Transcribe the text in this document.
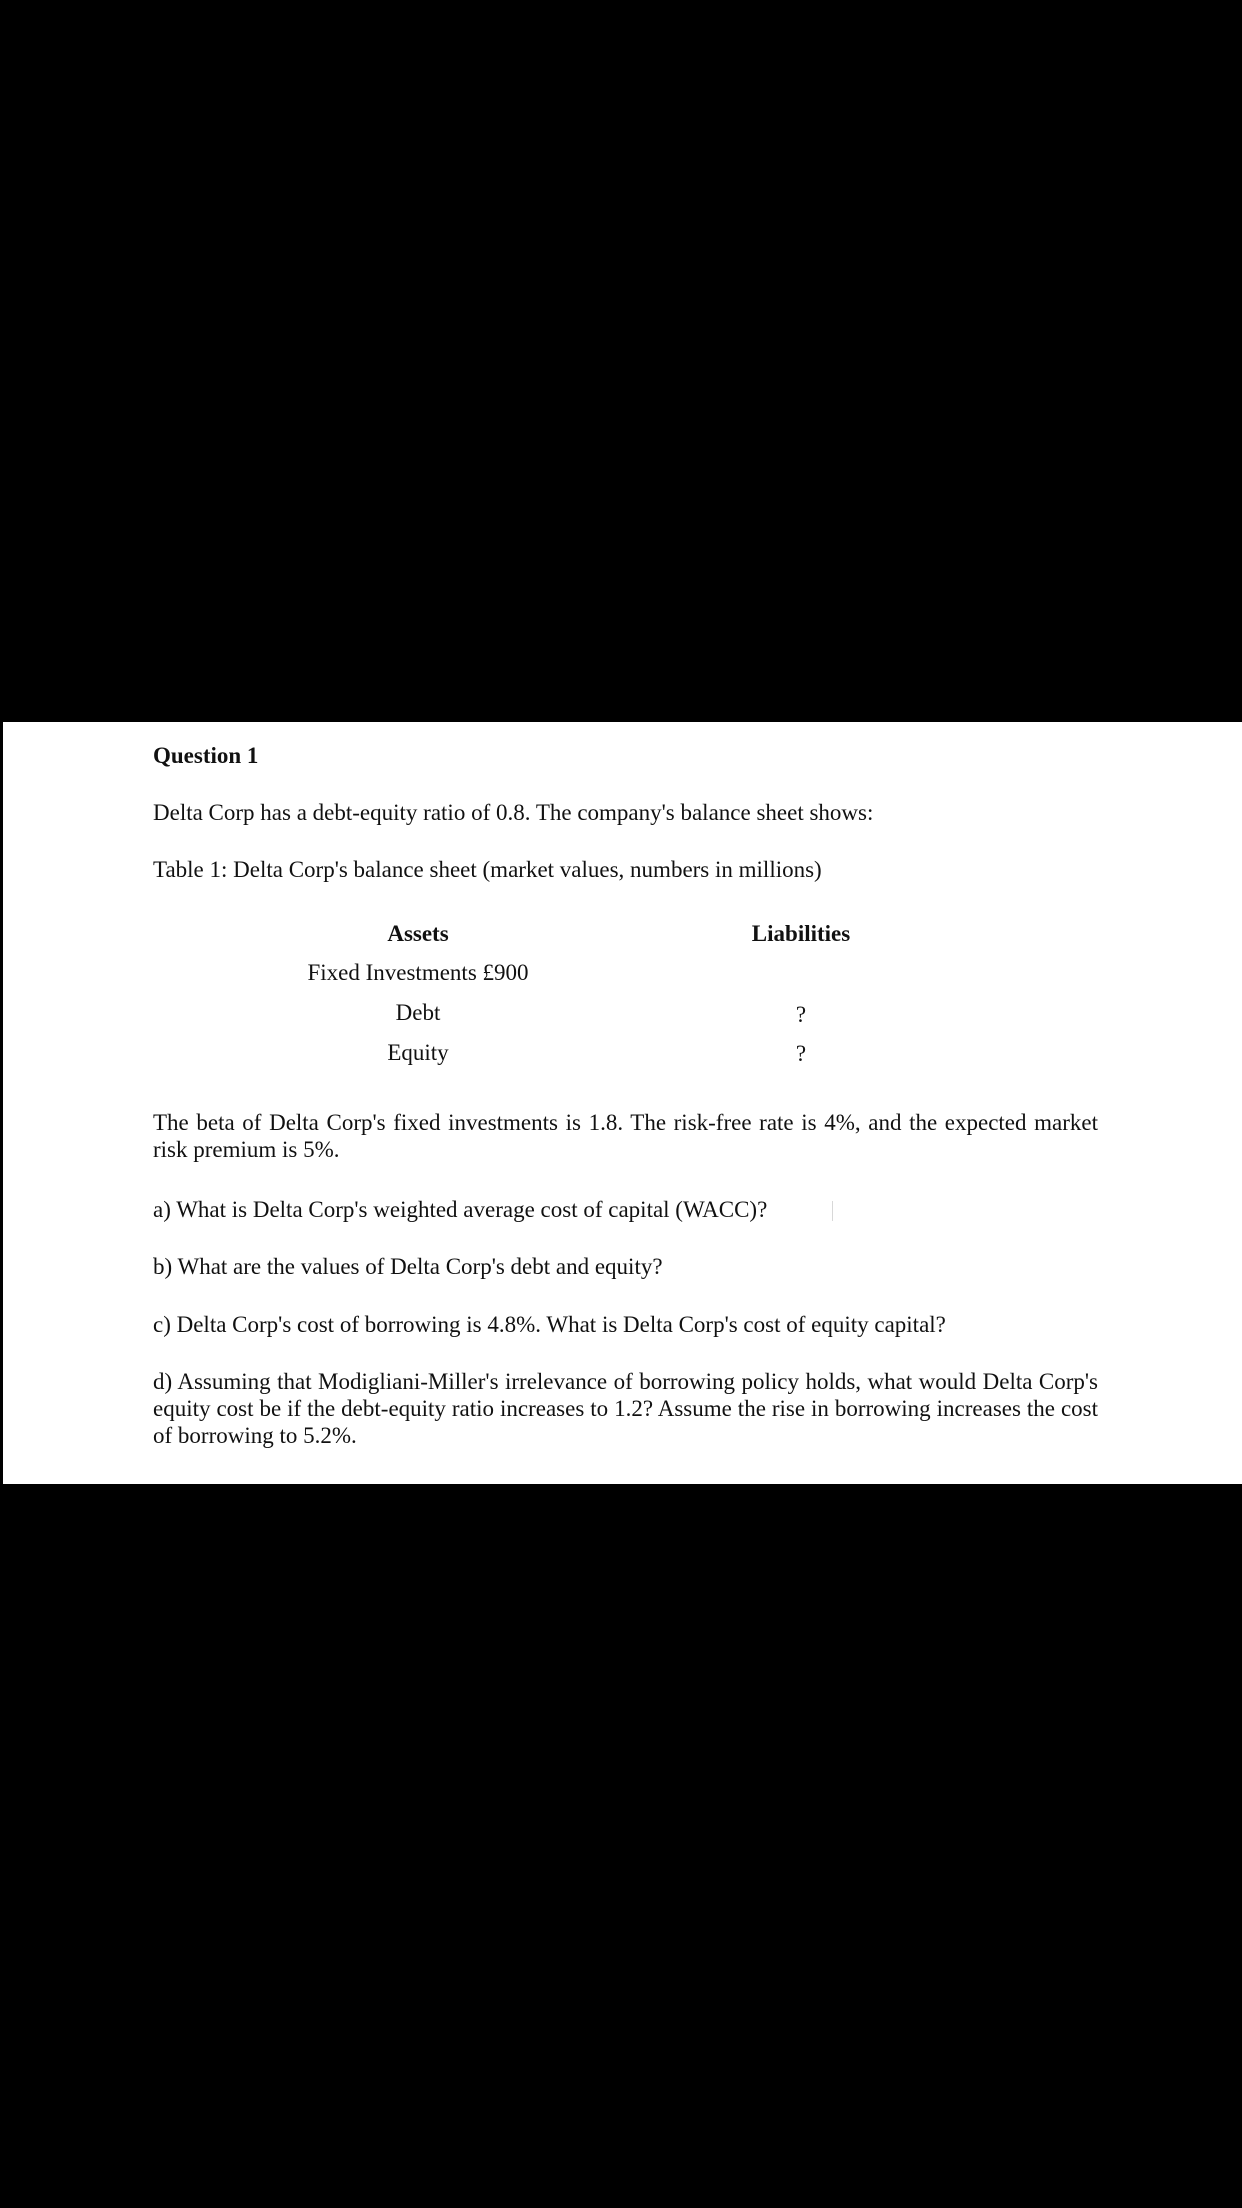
Question 1
Delta Corp has a debt-equity ratio of 0.8. The company's balance sheet shows:
Table 1: Delta Corp's balance sheet (market values, numbers in millions)
Assets	Liabilities
Fixed Investments £900
Debt	?
Equity	?
The beta of Delta Corp's fixed investments is 1.8. The risk-free rate is 4%, and the expected market risk premium is 5%.
a) What is Delta Corp's weighted average cost of capital (WACC)?
b) What are the values of Delta Corp's debt and equity?
c) Delta Corp's cost of borrowing is 4.8%. What is Delta Corp's cost of equity capital?
d) Assuming that Modigliani-Miller's irrelevance of borrowing policy holds, what would Delta Corp's equity cost be if the debt-equity ratio increases to 1.2? Assume the rise in borrowing increases the cost of borrowing to 5.2%.
